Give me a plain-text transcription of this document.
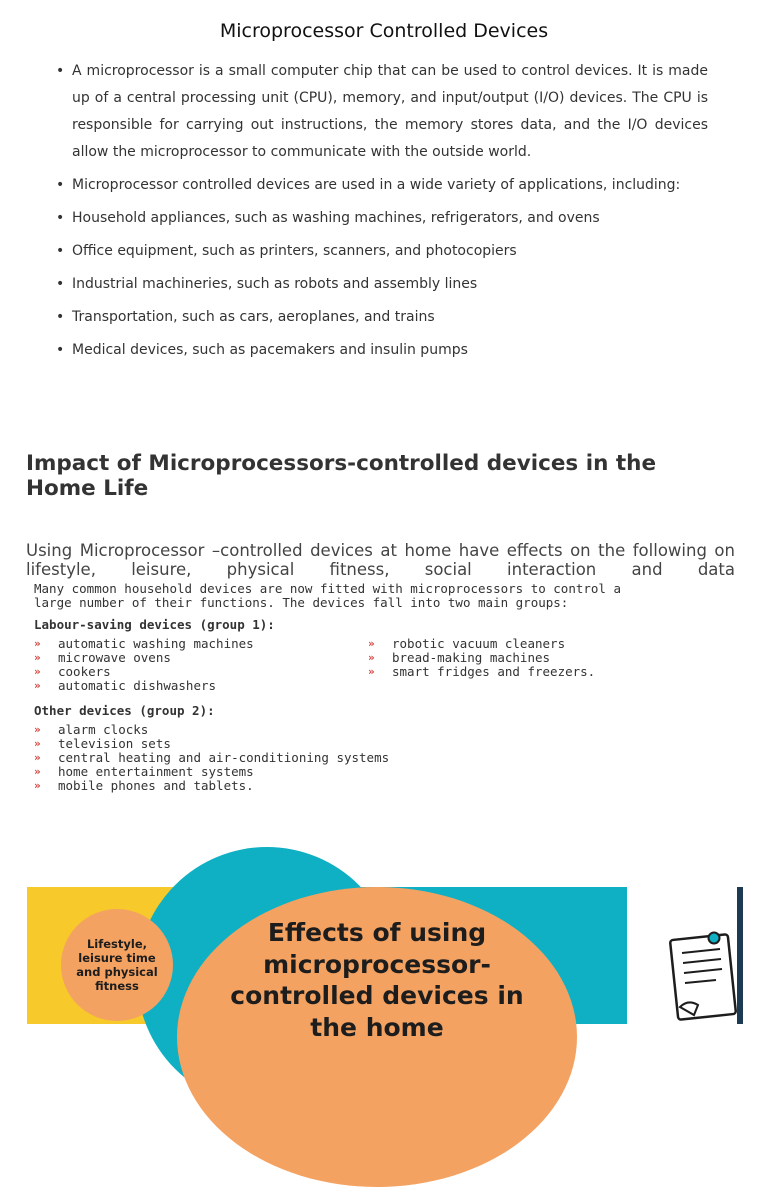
Microprocessor Controlled Devices
• A microprocessor is a small computer chip that can be used to control devices. It is made up of a central processing unit (CPU), memory, and input/output (I/O) devices. The CPU is responsible for carrying out instructions, the memory stores data, and the I/O devices allow the microprocessor to communicate with the outside world.
• Microprocessor controlled devices are used in a wide variety of applications, including:
• Household appliances, such as washing machines, refrigerators, and ovens
• Office equipment, such as printers, scanners, and photocopiers
• Industrial machineries, such as robots and assembly lines
• Transportation, such as cars, aeroplanes, and trains
• Medical devices, such as pacemakers and insulin pumps
Impact of Microprocessors-controlled devices in the Home Life

Using Microprocessor –controlled devices at home have effects on the following on lifestyle, leisure, physical fitness, social interaction and data

Many common household devices are now fitted with microprocessors to control a large number of their functions. The devices fall into two main groups:

Labour-saving devices (group 1):

» automatic washing machines
» microwave ovens
» cookers
» automatic dishwashers
» robotic vacuum cleaners
» bread-making machines
» smart fridges and freezers.

Other devices (group 2):

» alarm clocks
» television sets
» central heating and air-conditioning systems
» home entertainment systems
» mobile phones and tablets.
Lifestyle, leisure time and physical fitness
Effects of using microprocessor-controlled devices in the home
